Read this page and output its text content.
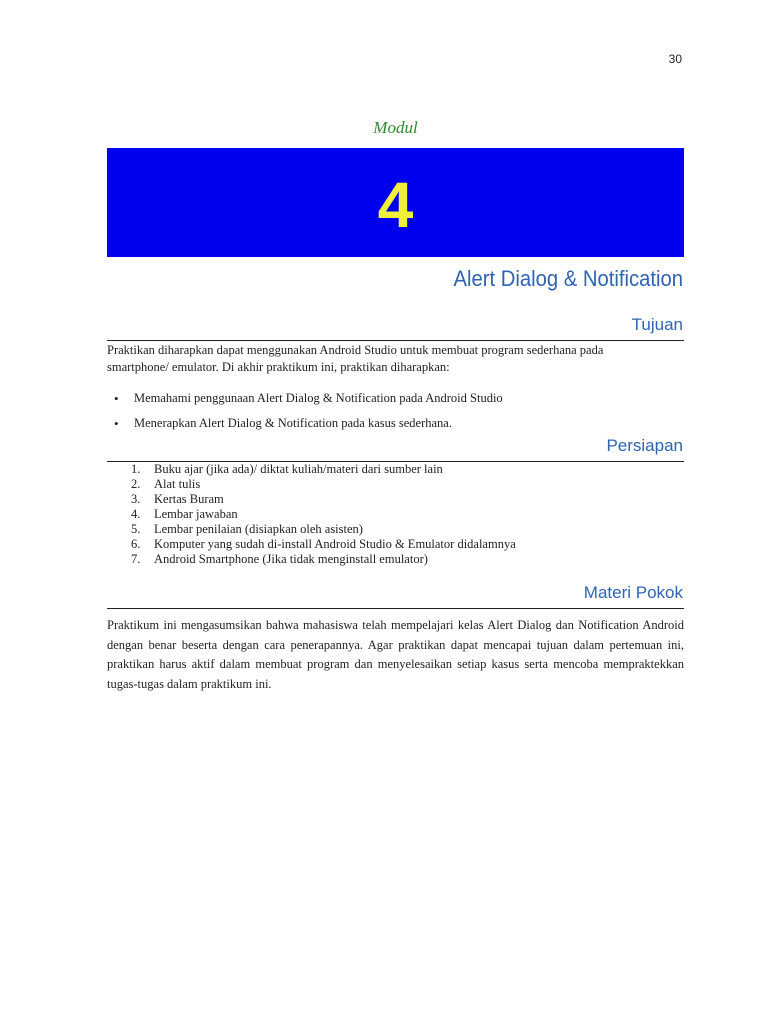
30
Modul
4
Alert Dialog & Notification
Tujuan
Praktikan diharapkan dapat menggunakan Android Studio untuk membuat program sederhana pada
smartphone/ emulator. Di akhir praktikum ini, praktikan diharapkan:
• Memahami penggunaan Alert Dialog & Notification pada Android Studio
• Menerapkan Alert Dialog & Notification pada kasus sederhana.
Persiapan
1.	Buku ajar (jika ada)/ diktat kuliah/materi dari sumber lain
2.	Alat tulis
3.	Kertas Buram
4.	Lembar jawaban
5.	Lembar penilaian (disiapkan oleh asisten)
6.	Komputer yang sudah di-install Android Studio & Emulator didalamnya
7.	Android Smartphone (Jika tidak menginstall emulator)
Materi Pokok
Praktikum ini mengasumsikan bahwa mahasiswa telah mempelajari kelas Alert Dialog dan Notification Android dengan benar beserta dengan cara penerapannya. Agar praktikan dapat mencapai tujuan dalam pertemuan ini, praktikan harus aktif dalam membuat program dan menyelesaikan setiap kasus serta mencoba mempraktekkan tugas-tugas dalam praktikum ini.
